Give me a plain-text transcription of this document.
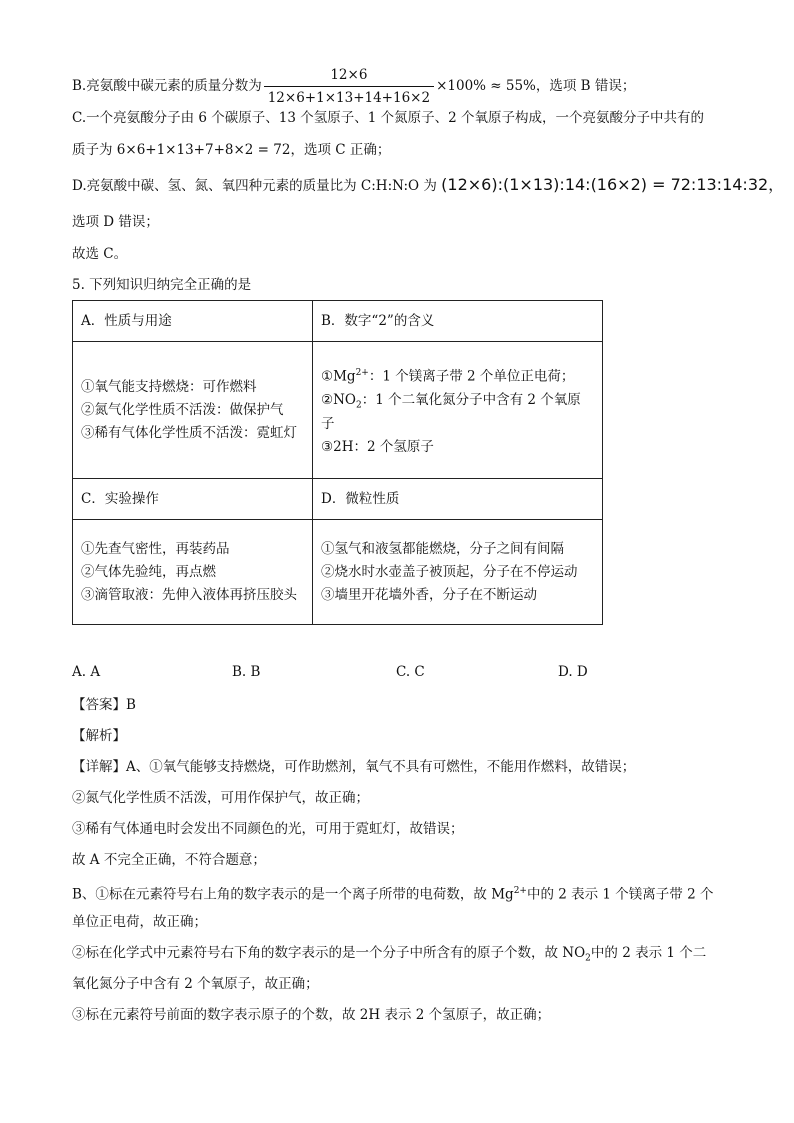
B.亮氨酸中碳元素的质量分数为 $\frac{12\times 6}{12\times 6+1\times 13+14+16\times 2} \times 100\% \approx 55\%$，选项 B 错误；
C.一个亮氨酸分子由 6 个碳原子、13 个氢原子、1 个氮原子、2 个氧原子构成，一个亮氨酸分子中共有的
质子为 6×6+1×13+7+8×2 = 72，选项 C 正确；
D.亮氨酸中碳、氢、氮、氧四种元素的质量比为 C:H:N:O 为 (12×6):(1×13):14:(16×2) = 72:13:14:32，
选项 D 错误；
故选 C。
5. 下列知识归纳完全正确的是
A．性质与用途	B．数字“2”的含义

①氧气能支持燃烧：可作燃料
②氮气化学性质不活泼：做保护气
③稀有气体化学性质不活泼：霓虹灯	$①Mg^{2+}$：1 个镁离子带 2 个单位正电荷；
$②NO_2$：1 个二氧化氮分子中含有 2 个氧原
子
③2H：2 个氢原子

C．实验操作	D．微粒性质

①先查气密性，再装药品
②气体先验纯，再点燃
③滴管取液：先伸入液体再挤压胶头	①氢气和液氢都能燃烧，分子之间有间隔
②烧水时水壶盖子被顶起，分子在不停运动
③墙里开花墙外香，分子在不断运动
A. A	B. B	C. C	D. D
【答案】B
【解析】
【详解】A、①氧气能够支持燃烧，可作助燃剂，氧气不具有可燃性，不能用作燃料，故错误；
②氮气化学性质不活泼，可用作保护气，故正确；
③稀有气体通电时会发出不同颜色的光，可用于霓虹灯，故错误；
故 A 不完全正确，不符合题意；
B、①标在元素符号右上角的数字表示的是一个离子所带的电荷数，故 $Mg^{2+}$中的 2 表示 1 个镁离子带 2 个
单位正电荷，故正确；
②标在化学式中元素符号右下角的数字表示的是一个分子中所含有的原子个数，故 $NO_2$中的 2 表示 1 个二
氧化氮分子中含有 2 个氧原子，故正确；
③标在元素符号前面的数字表示原子的个数，故 2H 表示 2 个氢原子，故正确；
